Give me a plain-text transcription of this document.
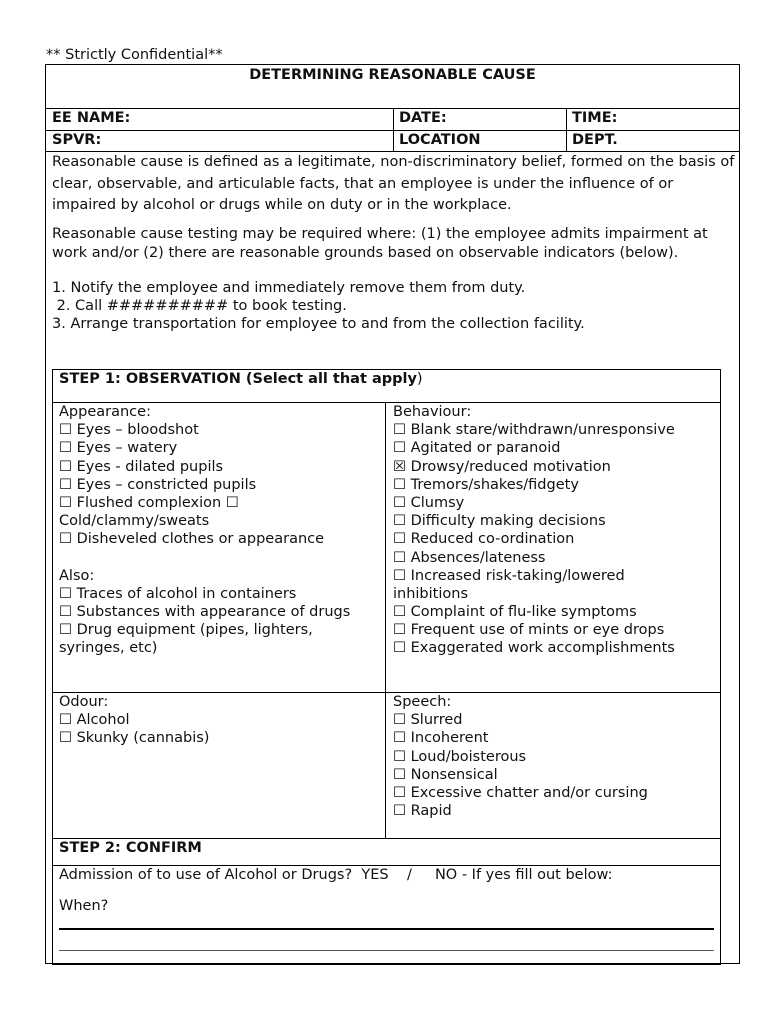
** Strictly Confidential**
DETERMINING REASONABLE CAUSE
EE NAME:	DATE:	TIME:
SPVR:	LOCATION	DEPT.
Reasonable cause is defined as a legitimate, non-discriminatory belief, formed on the basis of clear, observable, and articulable facts, that an employee is under the influence of or impaired by alcohol or drugs while on duty or in the workplace.
Reasonable cause testing may be required where: (1) the employee admits impairment at work and/or (2) there are reasonable grounds based on observable indicators (below).
1. Notify the employee and immediately remove them from duty.
2. Call ########## to book testing.
3. Arrange transportation for employee to and from the collection facility.
STEP 1: OBSERVATION (Select all that apply)
Appearance:
☐ Eyes – bloodshot
☐ Eyes – watery
☐ Eyes - dilated pupils
☐ Eyes – constricted pupils
☐ Flushed complexion ☐
Cold/clammy/sweats
☐ Disheveled clothes or appearance
Also:
☐ Traces of alcohol in containers
☐ Substances with appearance of drugs
☐ Drug equipment (pipes, lighters,
syringes, etc)
Behaviour:
☐ Blank stare/withdrawn/unresponsive
☐ Agitated or paranoid
☒ Drowsy/reduced motivation
☐ Tremors/shakes/fidgety
☐ Clumsy
☐ Difficulty making decisions
☐ Reduced co-ordination
☐ Absences/lateness
☐ Increased risk-taking/lowered
inhibitions
☐ Complaint of flu-like symptoms
☐ Frequent use of mints or eye drops
☐ Exaggerated work accomplishments
Odour:
☐ Alcohol
☐ Skunky (cannabis)
Speech:
☐ Slurred
☐ Incoherent
☐ Loud/boisterous
☐ Nonsensical
☐ Excessive chatter and/or cursing
☐ Rapid
STEP 2: CONFIRM
Admission of to use of Alcohol or Drugs?  YES    /     NO - If yes fill out below:
When?
